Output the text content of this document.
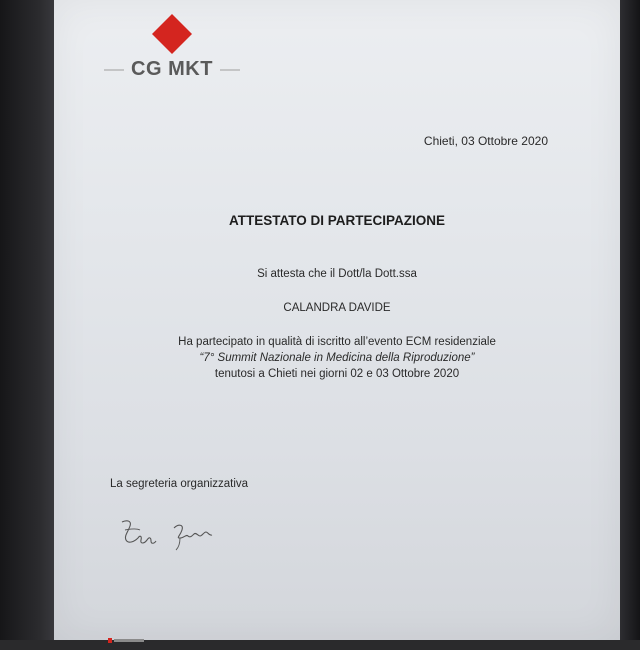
CG MKT
Chieti, 03 Ottobre 2020
ATTESTATO DI PARTECIPAZIONE
Si attesta che il Dott/la Dott.ssa
CALANDRA DAVIDE
Ha partecipato in qualità di iscritto all’evento ECM residenziale
“7° Summit Nazionale in Medicina della Riproduzione”
tenutosi a Chieti nei giorni 02 e 03 Ottobre 2020
La segreteria organizzativa
